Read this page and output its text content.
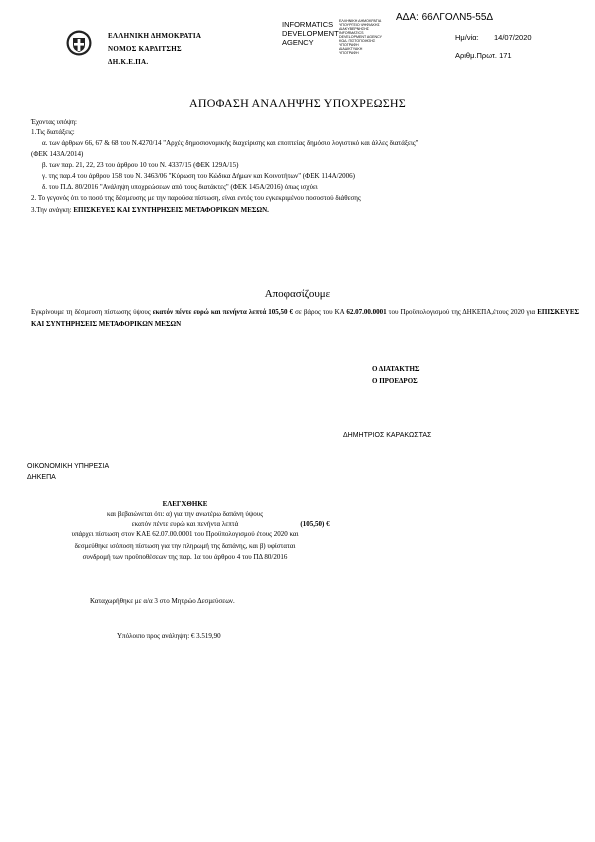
ΕΛΛΗΝΙΚΗ ΔΗΜΟΚΡΑΤΙΑ
ΝΟΜΟΣ ΚΑΡΔΙΤΣΗΣ
ΔΗ.Κ.Ε.ΠΑ.
INFORMATICS
DEVELOPMENT
AGENCY
ΕΛΛΗΝΙΚΗ ΔΗΜΟΚΡΑΤΙΑ
ΥΠΟΥΡΓΕΙΟ ΨΗΦΙΑΚΗΣ
ΔΙΑΚΥΒΕΡΝΗΣΗΣ
INFORMATICS
DEVELOPMENT AGENCY
ΚΩΔ. ΠΙΣΤΟΠΟΙΗΣΗΣ
ΥΠΟΓΡΑΦΗ
ΔΙΑΔΙΚΤΥΑΚΗ
ΥΠΟΓΡΑΦΗ
ΑΔΑ: 66ΛΓΟΛΝ5-55Δ
Ημ/νία: 14/07/2020
Αριθμ.Πρωτ. 171
ΑΠΟΦΑΣΗ ΑΝΑΛΗΨΗΣ ΥΠΟΧΡΕΩΣΗΣ
Έχοντας υπόψη:
1.Τις διατάξεις:
α. των άρθρων 66, 67 & 68 του Ν.4270/14 "Αρχές δημοσιονομικής διαχείρισης και εποπτείας δημόσιο λογιστικό και άλλες διατάξεις"
(ΦΕΚ 143Α/2014)
β. των παρ. 21, 22, 23 του άρθρου 10 του Ν. 4337/15 (ΦΕΚ 129Α/15)
γ. της παρ.4 του άρθρου 158 του Ν. 3463/06 "Κύρωση του Κώδικα Δήμων και Κοινοτήτων" (ΦΕΚ 114Α/2006)
δ. του Π.Δ. 80/2016 "Ανάληψη υποχρεώσεων από τους διατάκτες" (ΦΕΚ 145Α/2016) όπως ισχύει
2. Το γεγονός ότι το ποσό της δέσμευσης με την παρούσα πίστωση, είναι εντός του εγκεκριμένου ποσοστού διάθεσης
3.Την ανάγκη: ΕΠΙΣΚΕΥΕΣ ΚΑΙ ΣΥΝΤΗΡΗΣΕΙΣ ΜΕΤΑΦΟΡΙΚΩΝ ΜΕΣΩΝ.
Αποφασίζουμε
Εγκρίνουμε τη δέσμευση πίστωσης ύψους εκατόν πέντε ευρώ και πενήντα λεπτά 105,50 € σε βάρος του ΚΑ 62.07.00.0001 του Προϋπολογισμού της ΔΗΚΕΠΑ,έτους 2020 για ΕΠΙΣΚΕΥΕΣ ΚΑΙ ΣΥΝΤΗΡΗΣΕΙΣ ΜΕΤΑΦΟΡΙΚΩΝ ΜΕΣΩΝ
Ο ΔΙΑΤΑΚΤΗΣ
Ο ΠΡΟΕΔΡΟΣ
ΔΗΜΗΤΡΙΟΣ ΚΑΡΑΚΩΣΤΑΣ
ΟΙΚΟΝΟΜΙΚΗ ΥΠΗΡΕΣΙΑ
ΔΗΚΕΠΑ
ΕΛΕΓΧΘΗΚΕ
και βεβαιώνεται ότι: α) για την ανωτέρω δαπάνη ύψους
εκατόν πέντε ευρώ και πενήντα λεπτά	(105,50) €
υπάρχει πίστωση στον ΚΑΕ 62.07.00.0001 του Προϋπολογισμού έτους 2020 και
δεσμεύθηκε ισόποση πίστωση για την πληρωμή της δαπάνης, και β) υφίσταται
συνδρομή των προϋποθέσεων της παρ. 1α του άρθρου 4 του ΠΔ 80/2016
Καταχωρήθηκε με α/α 3 στο Μητρώο Δεσμεύσεων.
Υπόλοιπο προς ανάληψη: € 3.519,90
